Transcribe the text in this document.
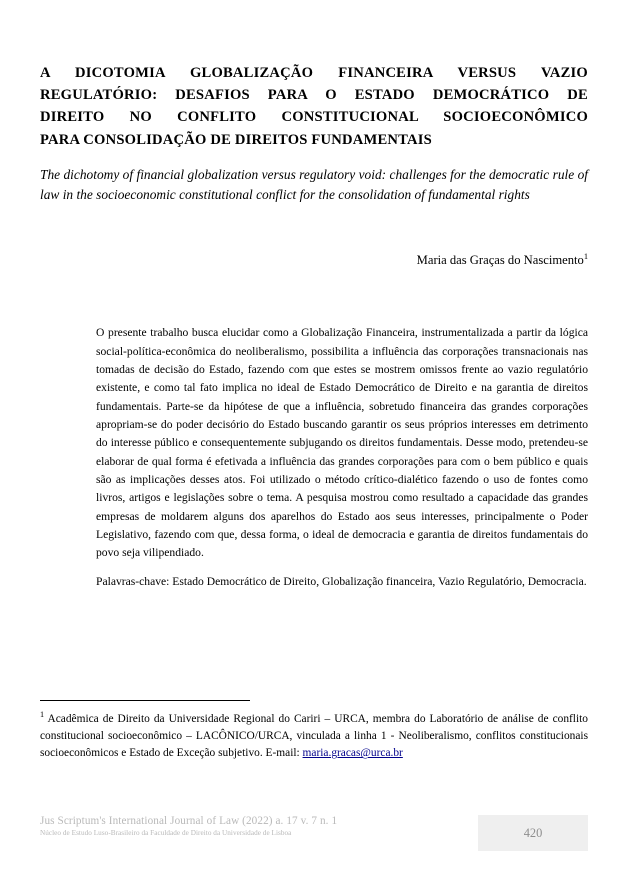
A DICOTOMIA GLOBALIZAÇÃO FINANCEIRA VERSUS VAZIO
REGULATÓRIO: DESAFIOS PARA O ESTADO DEMOCRÁTICO DE
DIREITO NO CONFLITO CONSTITUCIONAL SOCIOECONÔMICO
PARA CONSOLIDAÇÃO DE DIREITOS FUNDAMENTAIS

The dichotomy of financial globalization versus regulatory void: challenges for the democratic rule of law in the socioeconomic constitutional conflict for the consolidation of fundamental rights

Maria das Graças do Nascimento$^1$

O presente trabalho busca elucidar como a Globalização Financeira, instrumentalizada a partir da lógica social-política-econômica do neoliberalismo, possibilita a influência das corporações transnacionais nas tomadas de decisão do Estado, fazendo com que estes se mostrem omissos frente ao vazio regulatório existente, e como tal fato implica no ideal de Estado Democrático de Direito e na garantia de direitos fundamentais. Parte-se da hipótese de que a influência, sobretudo financeira das grandes corporações apropriam-se do poder decisório do Estado buscando garantir os seus próprios interesses em detrimento do interesse público e consequentemente subjugando os direitos fundamentais. Desse modo, pretendeu-se elaborar de qual forma é efetivada a influência das grandes corporações para com o bem público e quais são as implicações desses atos. Foi utilizado o método crítico-dialético fazendo o uso de fontes como livros, artigos e legislações sobre o tema. A pesquisa mostrou como resultado a capacidade das grandes empresas de moldarem alguns dos aparelhos do Estado aos seus interesses, principalmente o Poder Legislativo, fazendo com que, dessa forma, o ideal de democracia e garantia de direitos fundamentais do povo seja vilipendiado.

Palavras-chave: Estado Democrático de Direito, Globalização financeira, Vazio Regulatório, Democracia.

$^1$ Acadêmica de Direito da Universidade Regional do Cariri – URCA, membra do Laboratório de análise de conflito constitucional socioeconômico – LACÔNICO/URCA, vinculada a linha 1 - Neoliberalismo, conflitos constitucionais socioeconômicos e Estado de Exceção subjetivo. E-mail: maria.gracas@urca.br

Jus Scriptum's International Journal of Law (2022) a. 17 v. 7 n. 1
Núcleo de Estudo Luso-Brasileiro da Faculdade de Direito da Universidade de Lisboa	420
